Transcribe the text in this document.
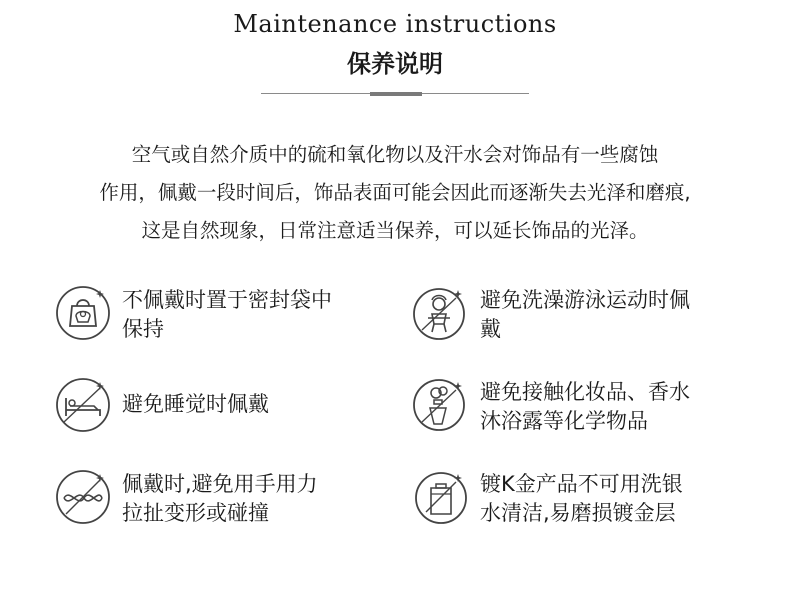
Maintenance instructions
保养说明
空气或自然介质中的硫和氧化物以及汗水会对饰品有一些腐蚀
作用，佩戴一段时间后，饰品表面可能会因此而逐渐失去光泽和磨痕,
这是自然现象，日常注意适当保养，可以延长饰品的光泽。
不佩戴时置于密封袋中
保持
避免洗澡游泳运动时佩
戴
避免睡觉时佩戴	避免接触化妆品、香水
沐浴露等化学物品
佩戴时,避免用手用力
拉扯变形或碰撞
镀K金产品不可用洗银
水清洁,易磨损镀金层
